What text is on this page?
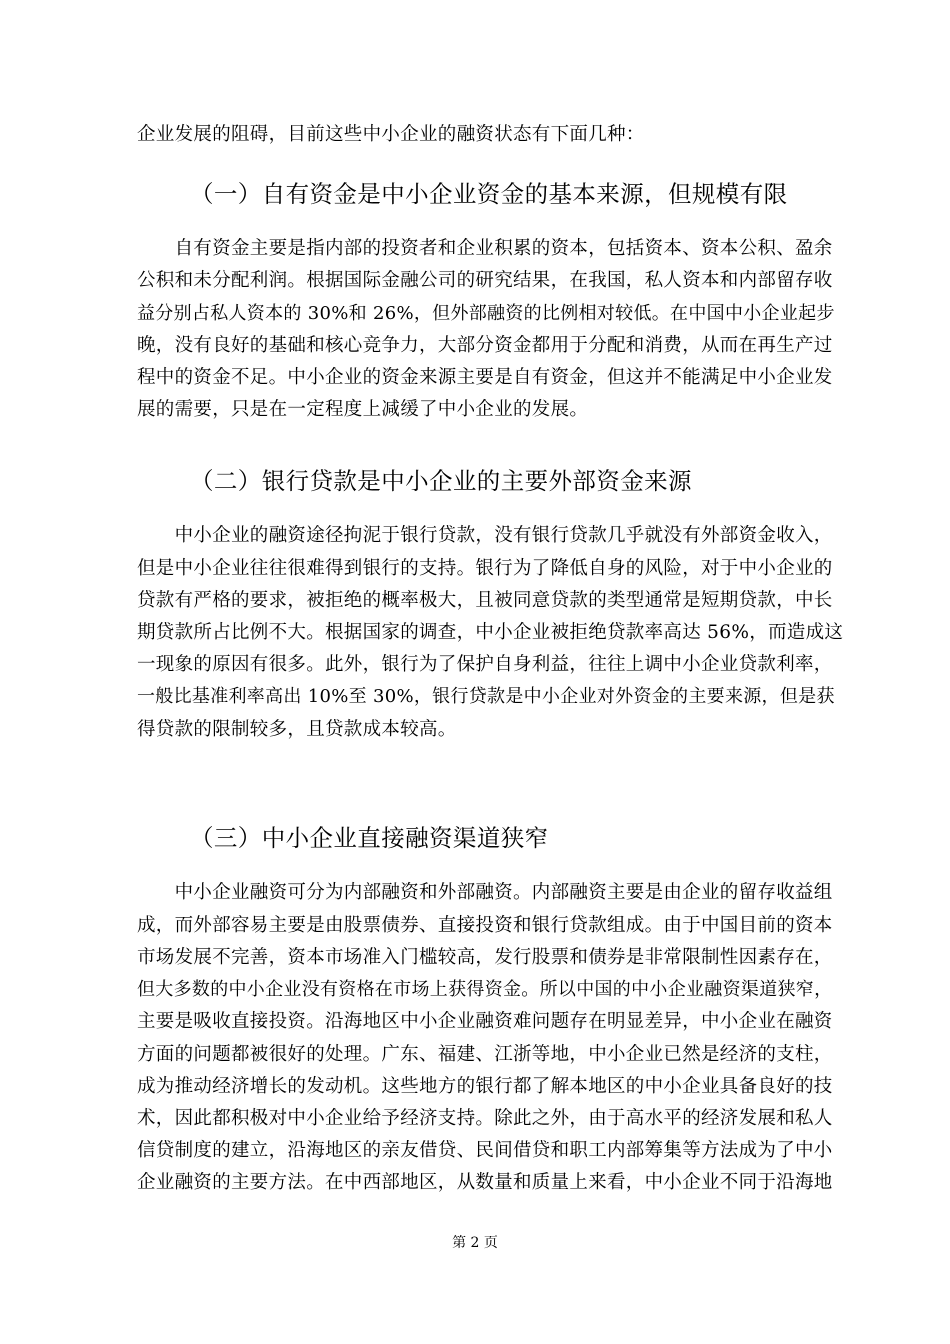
企业发展的阻碍，目前这些中小企业的融资状态有下面几种：
（一）自有资金是中小企业资金的基本来源，但规模有限
　　自有资金主要是指内部的投资者和企业积累的资本，包括资本、资本公积、盈余
公积和未分配利润。根据国际金融公司的研究结果，在我国，私人资本和内部留存收
益分别占私人资本的 30%和 26%，但外部融资的比例相对较低。在中国中小企业起步
晚，没有良好的基础和核心竞争力，大部分资金都用于分配和消费，从而在再生产过
程中的资金不足。中小企业的资金来源主要是自有资金，但这并不能满足中小企业发
展的需要，只是在一定程度上减缓了中小企业的发展。
（二）银行贷款是中小企业的主要外部资金来源
　　中小企业的融资途径拘泥于银行贷款，没有银行贷款几乎就没有外部资金收入，
但是中小企业往往很难得到银行的支持。银行为了降低自身的风险，对于中小企业的
贷款有严格的要求，被拒绝的概率极大，且被同意贷款的类型通常是短期贷款，中长
期贷款所占比例不大。根据国家的调查，中小企业被拒绝贷款率高达 56%，而造成这
一现象的原因有很多。此外，银行为了保护自身利益，往往上调中小企业贷款利率，
一般比基准利率高出 10%至 30%，银行贷款是中小企业对外资金的主要来源，但是获
得贷款的限制较多，且贷款成本较高。
（三）中小企业直接融资渠道狭窄
　　中小企业融资可分为内部融资和外部融资。内部融资主要是由企业的留存收益组
成，而外部容易主要是由股票债券、直接投资和银行贷款组成。由于中国目前的资本
市场发展不完善，资本市场准入门槛较高，发行股票和债券是非常限制性因素存在，
但大多数的中小企业没有资格在市场上获得资金。所以中国的中小企业融资渠道狭窄，
主要是吸收直接投资。沿海地区中小企业融资难问题存在明显差异，中小企业在融资
方面的问题都被很好的处理。广东、福建、江浙等地，中小企业已然是经济的支柱，
成为推动经济增长的发动机。这些地方的银行都了解本地区的中小企业具备良好的技
术，因此都积极对中小企业给予经济支持。除此之外，由于高水平的经济发展和私人
信贷制度的建立，沿海地区的亲友借贷、民间借贷和职工内部筹集等方法成为了中小
企业融资的主要方法。在中西部地区，从数量和质量上来看，中小企业不同于沿海地
第 2 页
